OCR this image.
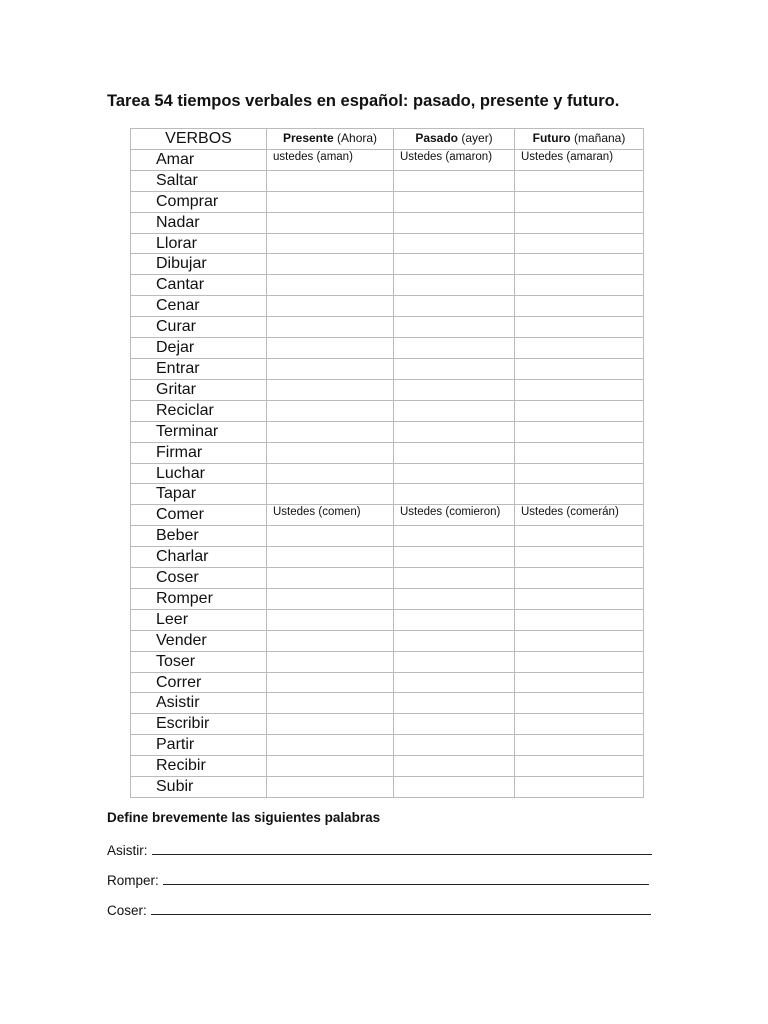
Tarea 54 tiempos verbales en español: pasado, presente y futuro.
VERBOS	Presente (Ahora)	Pasado (ayer)	Futuro (mañana)
Amar	ustedes (aman)	Ustedes (amaron)	Ustedes (amaran)
Saltar			
Comprar			
Nadar			
Llorar			
Dibujar			
Cantar			
Cenar			
Curar			
Dejar			
Entrar			
Gritar			
Reciclar			
Terminar			
Firmar			
Luchar			
Tapar			
Comer	Ustedes (comen)	Ustedes (comieron)	Ustedes (comerán)
Beber			
Charlar			
Coser			
Romper			
Leer			
Vender			
Toser			
Correr			
Asistir			
Escribir			
Partir			
Recibir			
Subir			
Define brevemente las siguientes palabras
Asistir:
Romper:
Coser:
